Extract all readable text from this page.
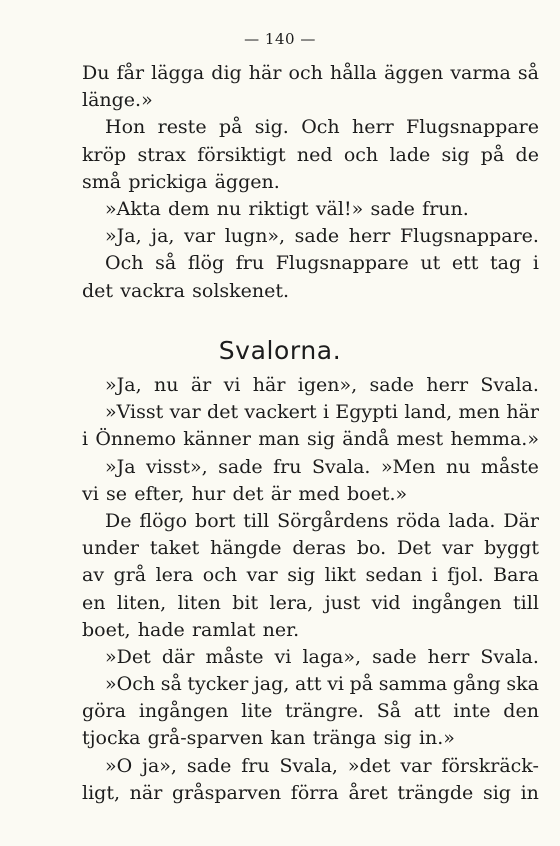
— 140 —
Du får lägga dig här och hålla äggen varma så
länge.»
Hon reste på sig. Och herr Flugsnappare
kröp strax försiktigt ned och lade sig på de
små prickiga äggen.
»Akta dem nu riktigt väl!» sade frun.
»Ja, ja, var lugn», sade herr Flugsnappare.
Och så flög fru Flugsnappare ut ett tag i
det vackra solskenet.
Svalorna.
»Ja, nu är vi här igen», sade herr Svala.
»Visst var det vackert i Egypti land, men här
i Önnemo känner man sig ändå mest hemma.»
»Ja visst», sade fru Svala. »Men nu måste
vi se efter, hur det är med boet.»
De flögo bort till Sörgårdens röda lada. Där
under taket hängde deras bo. Det var byggt
av grå lera och var sig likt sedan i fjol. Bara
en liten, liten bit lera, just vid ingången till
boet, hade ramlat ner.
»Det där måste vi laga», sade herr Svala.
»Och så tycker jag, att vi på samma gång ska
göra ingången lite trängre. Så att inte den
tjocka grå-sparven kan tränga sig in.»
»O ja», sade fru Svala, »det var förskräck-
ligt, när gråsparven förra året trängde sig in
